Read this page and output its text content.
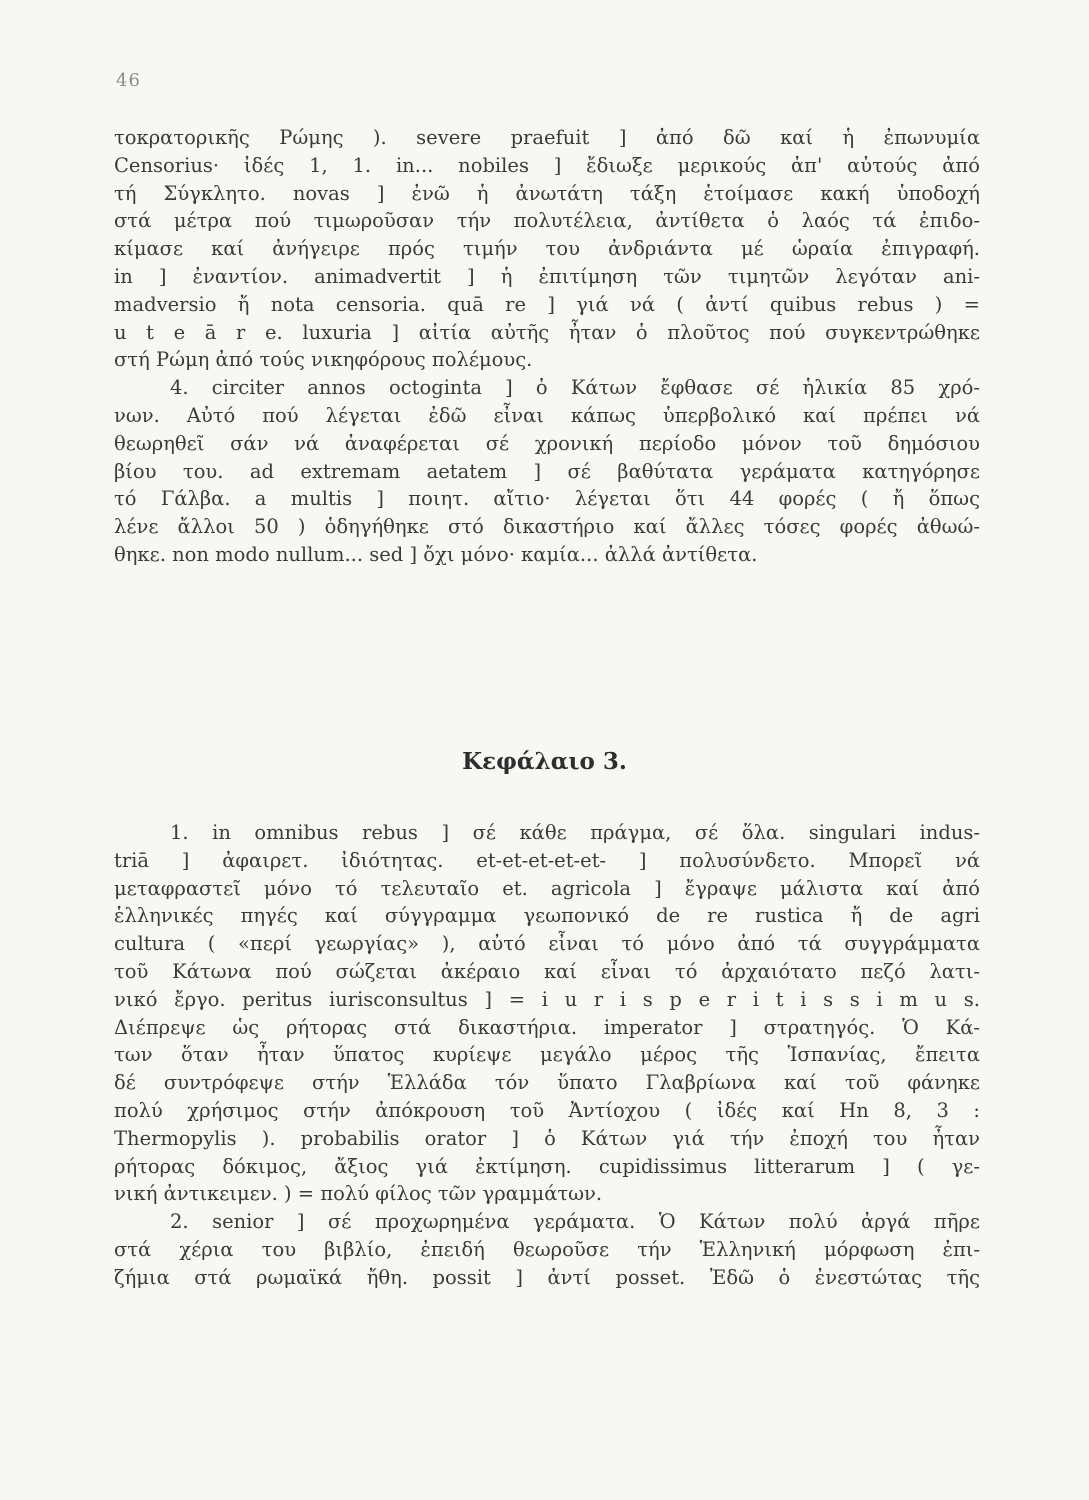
46
τοκρατορικῆς Ρώμης ). severe praefuit ] ἀπό δῶ καί ἡ ἐπωνυμία
Censorius· ἰδές 1, 1. in... nobiles ] ἔδιωξε μερικούς ἀπ' αὐτούς ἀπό
τή Σύγκλητο. novas ] ἐνῶ ἡ ἀνωτάτη τάξη ἑτοίμασε κακή ὑποδοχή
στά μέτρα πού τιμωροῦσαν τήν πολυτέλεια, ἀντίθετα ὁ λαός τά ἐπιδο-
κίμασε καί ἀνήγειρε πρός τιμήν του ἀνδριάντα μέ ὡραία ἐπιγραφή.
in ] ἐναντίον. animadvertit ] ἡ ἐπιτίμηση τῶν τιμητῶν λεγόταν ani-
madversio ἤ nota censoria. quā re ] γιά νά ( ἀντί quibus rebus ) =
u t e ā r e. luxuria ] αἰτία αὐτῆς ἦταν ὁ πλοῦτος πού συγκεντρώθηκε
στή Ρώμη ἀπό τούς νικηφόρους πολέμους.
4. circiter annos octoginta ] ὁ Κάτων ἔφθασε σέ ἡλικία 85 χρό-
νων. Αὐτό πού λέγεται ἐδῶ εἶναι κάπως ὑπερβολικό καί πρέπει νά
θεωρηθεῖ σάν νά ἀναφέρεται σέ χρονική περίοδο μόνον τοῦ δημόσιου
βίου του. ad extremam aetatem ] σέ βαθύτατα γεράματα κατηγόρησε
τό Γάλβα. a multis ] ποιητ. αἴτιο· λέγεται ὅτι 44 φορές ( ἤ ὅπως
λένε ἄλλοι 50 ) ὁδηγήθηκε στό δικαστήριο καί ἄλλες τόσες φορές ἀθωώ-
θηκε. non modo nullum... sed ] ὄχι μόνο· καμία... ἀλλά ἀντίθετα.
Κεφάλαιο 3.
1. in omnibus rebus ] σέ κάθε πράγμα, σέ ὅλα. singulari indus-
triā ] ἀφαιρετ. ἰδιότητας. et-et-et-et-et- ] πολυσύνδετο. Μπορεῖ νά
μεταφραστεῖ μόνο τό τελευταῖο et. agricola ] ἔγραψε μάλιστα καί ἀπό
ἑλληνικές πηγές καί σύγγραμμα γεωπονικό de re rustica ἤ de agri
cultura ( «περί γεωργίας» ), αὐτό εἶναι τό μόνο ἀπό τά συγγράμματα
τοῦ Κάτωνα πού σώζεται ἀκέραιο καί εἶναι τό ἀρχαιότατο πεζό λατι-
νικό ἔργο. peritus iurisconsultus ] = i u r i s p e r i t i s s i m u s.
Διέπρεψε ὡς ρήτορας στά δικαστήρια. imperator ] στρατηγός. Ὁ Κά-
των ὅταν ἦταν ὕπατος κυρίεψε μεγάλο μέρος τῆς Ἱσπανίας, ἔπειτα
δέ συντρόφεψε στήν Ἑλλάδα τόν ὕπατο Γλαβρίωνα καί τοῦ φάνηκε
πολύ χρήσιμος στήν ἀπόκρουση τοῦ Ἀντίοχου ( ἰδές καί Ηn 8, 3 :
Thermopylis ). probabilis orator ] ὁ Κάτων γιά τήν ἐποχή του ἦταν
ρήτορας δόκιμος, ἄξιος γιά ἐκτίμηση. cupidissimus litterarum ] ( γε-
νική ἀντικειμεν. ) = πολύ φίλος τῶν γραμμάτων.
2. senior ] σέ προχωρημένα γεράματα. Ὁ Κάτων πολύ ἀργά πῆρε
στά χέρια του βιβλίο, ἐπειδή θεωροῦσε τήν Ἑλληνική μόρφωση ἐπι-
ζήμια στά ρωμαϊκά ἤθη. possit ] ἀντί posset. Ἐδῶ ὁ ἐνεστώτας τῆς
